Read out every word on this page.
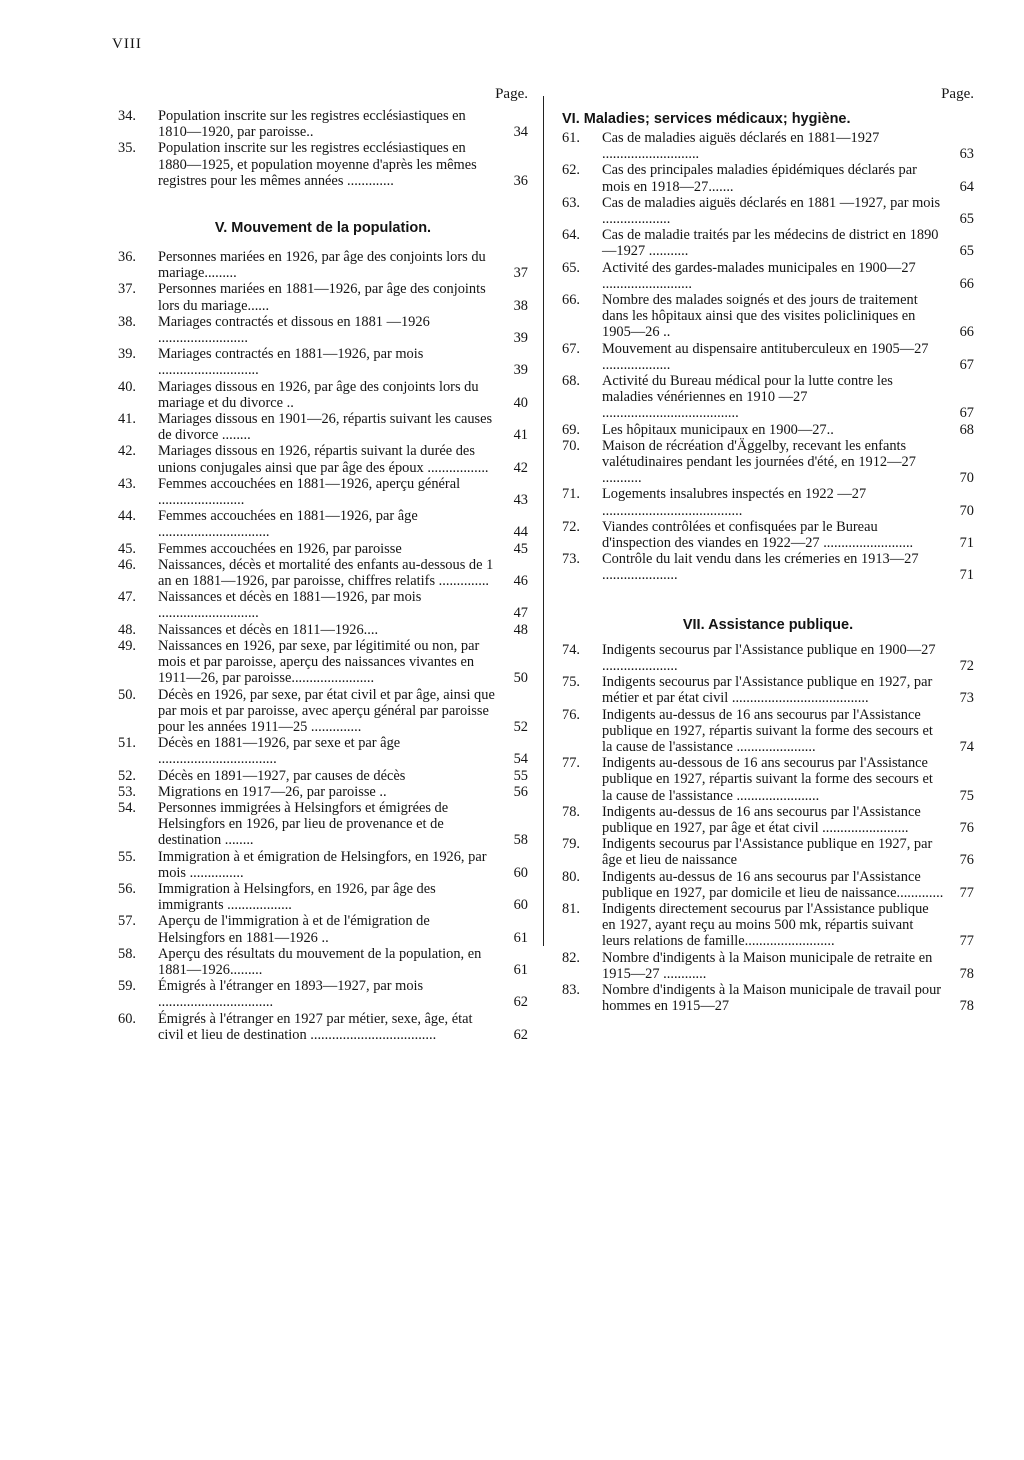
VIII
Page.
34.	Population inscrite sur les registres ecclésiastiques en 1810—1920, par paroisse..	34
35.	Population inscrite sur les registres ecclésiastiques en 1880—1925, et population moyenne d'après les mêmes registres pour les mêmes années .............	36
V. Mouvement de la population.
36.	Personnes mariées en 1926, par âge des conjoints lors du mariage.........	37
37.	Personnes mariées en 1881—1926, par âge des conjoints lors du mariage......	38
38.	Mariages contractés et dissous en 1881 —1926 .........................	39
39.	Mariages contractés en 1881—1926, par mois ............................	39
40.	Mariages dissous en 1926, par âge des conjoints lors du mariage et du divorce ..	40
41.	Mariages dissous en 1901—26, répartis suivant les causes de divorce ........	41
42.	Mariages dissous en 1926, répartis suivant la durée des unions conjugales ainsi que par âge des époux .................	42
43.	Femmes accouchées en 1881—1926, aperçu général ........................	43
44.	Femmes accouchées en 1881—1926, par âge ...............................	44
45.	Femmes accouchées en 1926, par paroisse	45
46.	Naissances, décès et mortalité des enfants au-dessous de 1 an en 1881—1926, par paroisse, chiffres relatifs ..............	46
47.	Naissances et décès en 1881—1926, par mois ............................	47
48.	Naissances et décès en 1811—1926....	48
49.	Naissances en 1926, par sexe, par légitimité ou non, par mois et par paroisse, aperçu des naissances vivantes en 1911—26, par paroisse.......................	50
50.	Décès en 1926, par sexe, par état civil et par âge, ainsi que par mois et par paroisse, avec aperçu général par paroisse pour les années 1911—25 ..............	52
51.	Décès en 1881—1926, par sexe et par âge .................................	54
52.	Décès en 1891—1927, par causes de décès	55
53.	Migrations en 1917—26, par paroisse ..	56
54.	Personnes immigrées à Helsingfors et émigrées de Helsingfors en 1926, par lieu de provenance et de destination ........	58
55.	Immigration à et émigration de Helsingfors, en 1926, par mois ...............	60
56.	Immigration à Helsingfors, en 1926, par âge des immigrants ..................	60
57.	Aperçu de l'immigration à et de l'émigration de Helsingfors en 1881—1926 ..	61
58.	Aperçu des résultats du mouvement de la population, en 1881—1926.........	61
59.	Émigrés à l'étranger en 1893—1927, par mois ................................	62
60.	Émigrés à l'étranger en 1927 par métier, sexe, âge, état civil et lieu de destination ...................................	62
Page.
VI. Maladies; services médicaux; hygiène.
61.	Cas de maladies aiguës déclarés en 1881—1927 ...........................	63
62.	Cas des principales maladies épidémiques déclarés par mois en 1918—27.......	64
63.	Cas de maladies aiguës déclarés en 1881 —1927, par mois ...................	65
64.	Cas de maladie traités par les médecins de district en 1890—1927 ...........	65
65.	Activité des gardes-malades municipales en 1900—27 .........................	66
66.	Nombre des malades soignés et des jours de traitement dans les hôpitaux ainsi que des visites policliniques en 1905—26 ..	66
67.	Mouvement au dispensaire antituberculeux en 1905—27 ...................	67
68.	Activité du Bureau médical pour la lutte contre les maladies vénériennes en 1910 —27 ......................................	67
69.	Les hôpitaux municipaux en 1900—27..	68
70.	Maison de récréation d'Äggelby, recevant les enfants valétudinaires pendant les journées d'été, en 1912—27 ...........	70
71.	Logements insalubres inspectés en 1922 —27 .......................................	70
72.	Viandes contrôlées et confisquées par le Bureau d'inspection des viandes en 1922—27 .........................	71
73.	Contrôle du lait vendu dans les crémeries en 1913—27 .....................	71
VII. Assistance publique.
74.	Indigents secourus par l'Assistance publique en 1900—27 .....................	72
75.	Indigents secourus par l'Assistance publique en 1927, par métier et par état civil ......................................	73
76.	Indigents au-dessus de 16 ans secourus par l'Assistance publique en 1927, répartis suivant la forme des secours et la cause de l'assistance ......................	74
77.	Indigents au-dessous de 16 ans secourus par l'Assistance publique en 1927, répartis suivant la forme des secours et la cause de l'assistance .......................	75
78.	Indigents au-dessus de 16 ans secourus par l'Assistance publique en 1927, par âge et état civil ........................	76
79.	Indigents secourus par l'Assistance publique en 1927, par âge et lieu de naissance	76
80.	Indigents au-dessus de 16 ans secourus par l'Assistance publique en 1927, par domicile et lieu de naissance.............	77
81.	Indigents directement secourus par l'Assistance publique en 1927, ayant reçu au moins 500 mk, répartis suivant leurs relations de famille.........................	77
82.	Nombre d'indigents à la Maison municipale de retraite en 1915—27 ............	78
83.	Nombre d'indigents à la Maison municipale de travail pour hommes en 1915—27	78
